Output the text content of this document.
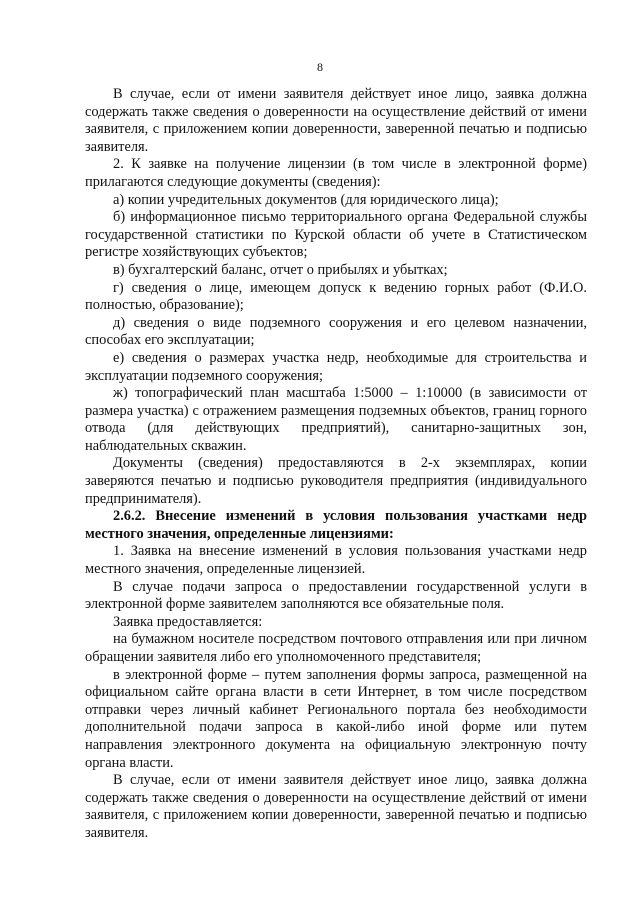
8

В случае, если от имени заявителя действует иное лицо, заявка должна содержать также сведения о доверенности на осуществление действий от имени заявителя, с приложением копии доверенности, заверенной печатью и подписью заявителя.

2. К заявке на получение лицензии (в том числе в электронной форме) прилагаются следующие документы (сведения):

а) копии учредительных документов (для юридического лица);

б) информационное письмо территориального органа Федеральной службы государственной статистики по Курской области об учете в Статистическом регистре хозяйствующих субъектов;

в) бухгалтерский баланс, отчет о прибылях и убытках;

г) сведения о лице, имеющем допуск к ведению горных работ (Ф.И.О. полностью, образование);

д) сведения о виде подземного сооружения и его целевом назначении, способах его эксплуатации;

е) сведения о размерах участка недр, необходимые для строительства и эксплуатации подземного сооружения;

ж) топографический план масштаба 1:5000 – 1:10000 (в зависимости от размера участка) с отражением размещения подземных объектов, границ горного отвода (для действующих предприятий), санитарно-защитных зон, наблюдательных скважин.

Документы (сведения) предоставляются в 2-х экземплярах, копии заверяются печатью и подписью руководителя предприятия (индивидуального предпринимателя).

2.6.2. Внесение изменений в условия пользования участками недр местного значения, определенные лицензиями:

1. Заявка на внесение изменений в условия пользования участками недр местного значения, определенные лицензией.

В случае подачи запроса о предоставлении государственной услуги в электронной форме заявителем заполняются все обязательные поля.

Заявка предоставляется:

на бумажном носителе посредством почтового отправления или при личном обращении заявителя либо его уполномоченного представителя;

в электронной форме – путем заполнения формы запроса, размещенной на официальном сайте органа власти в сети Интернет, в том числе посредством отправки через личный кабинет Регионального портала без необходимости дополнительной подачи запроса в какой-либо иной форме или путем направления электронного документа на официальную электронную почту органа власти.

В случае, если от имени заявителя действует иное лицо, заявка должна содержать также сведения о доверенности на осуществление действий от имени заявителя, с приложением копии доверенности, заверенной печатью и подписью заявителя.
